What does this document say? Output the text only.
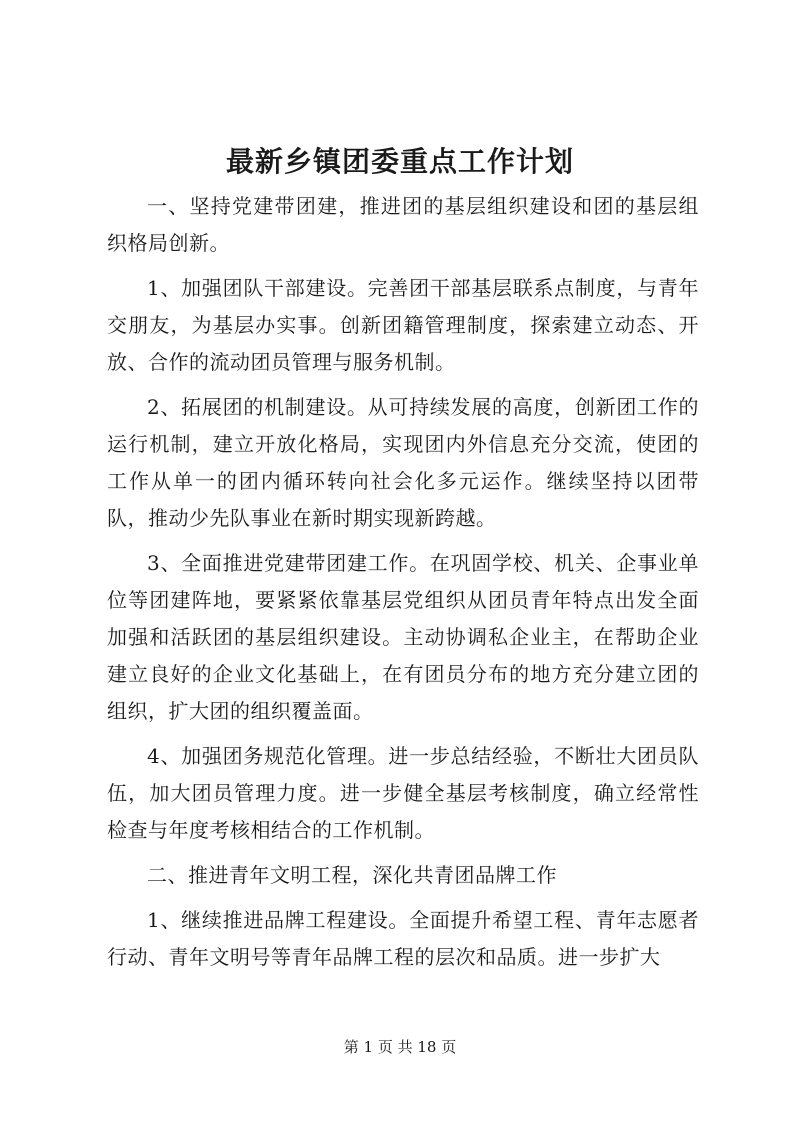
最新乡镇团委重点工作计划

一、坚持党建带团建，推进团的基层组织建设和团的基层组织格局创新。

1、加强团队干部建设。完善团干部基层联系点制度，与青年交朋友，为基层办实事。创新团籍管理制度，探索建立动态、开放、合作的流动团员管理与服务机制。

2、拓展团的机制建设。从可持续发展的高度，创新团工作的运行机制，建立开放化格局，实现团内外信息充分交流，使团的工作从单一的团内循环转向社会化多元运作。继续坚持以团带队，推动少先队事业在新时期实现新跨越。

3、全面推进党建带团建工作。在巩固学校、机关、企事业单位等团建阵地，要紧紧依靠基层党组织从团员青年特点出发全面加强和活跃团的基层组织建设。主动协调私企业主，在帮助企业建立良好的企业文化基础上，在有团员分布的地方充分建立团的组织，扩大团的组织覆盖面。

4、加强团务规范化管理。进一步总结经验，不断壮大团员队伍，加大团员管理力度。进一步健全基层考核制度，确立经常性检查与年度考核相结合的工作机制。

二、推进青年文明工程，深化共青团品牌工作

1、继续推进品牌工程建设。全面提升希望工程、青年志愿者行动、青年文明号等青年品牌工程的层次和品质。进一步扩大

第 1 页 共 18 页
